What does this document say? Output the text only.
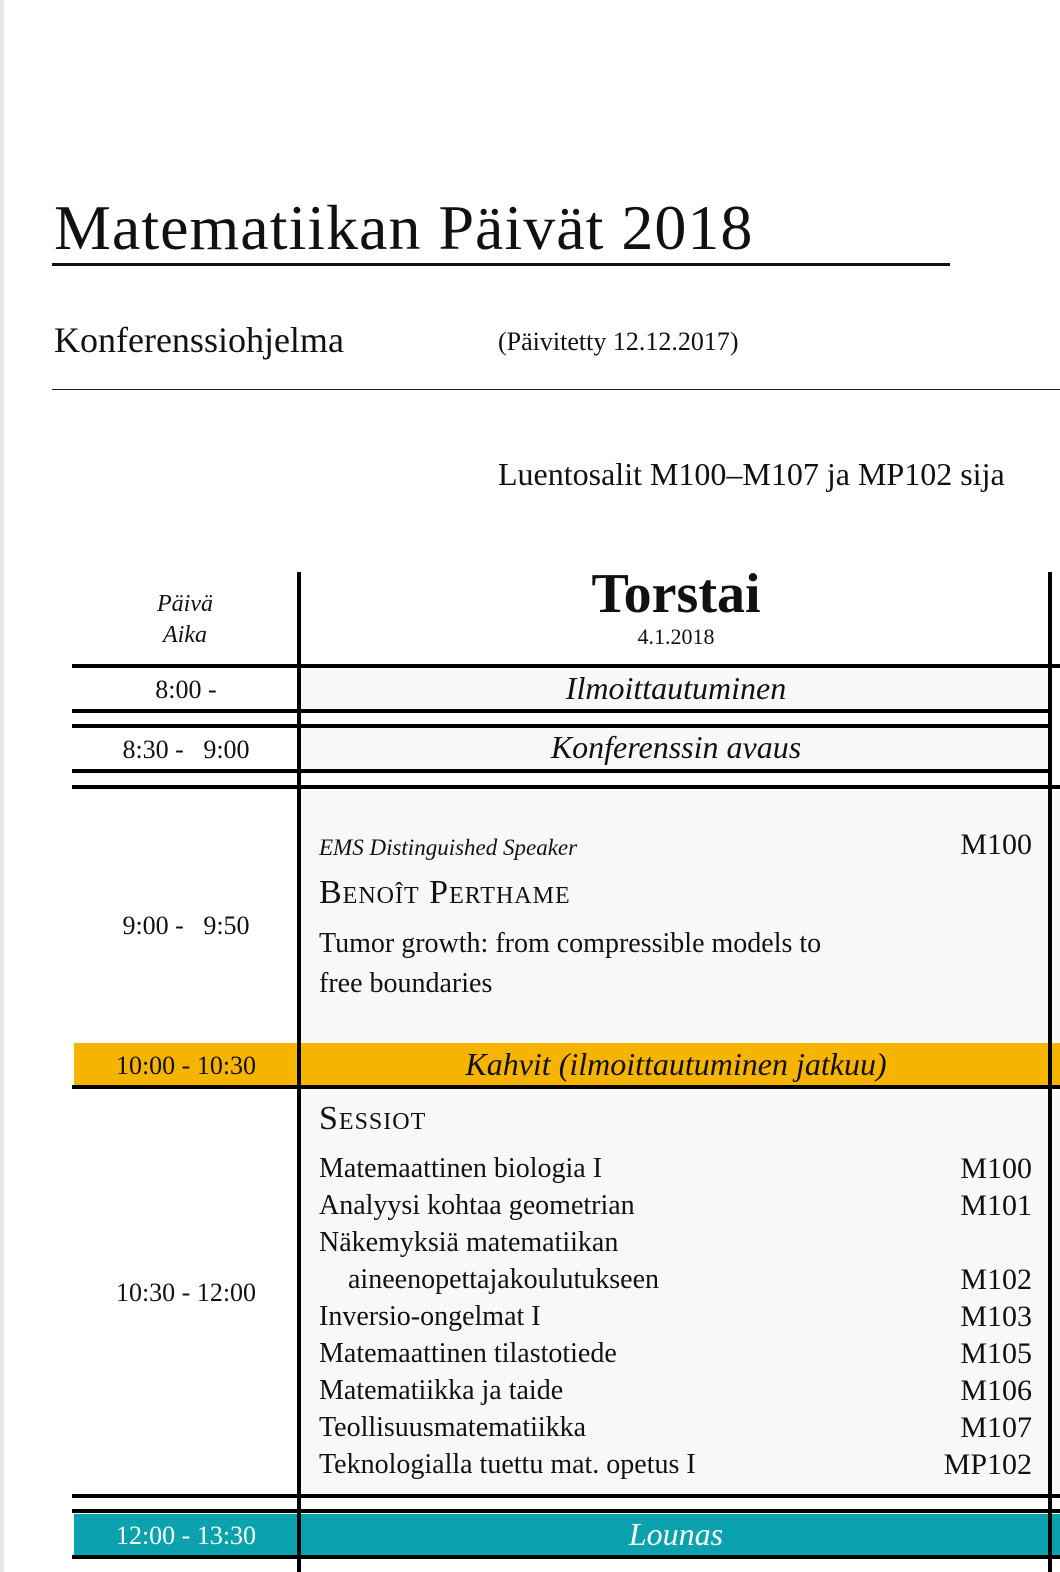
Matematiikan Päivät 2018
Konferenssiohjelma	(Päivitetty 12.12.2017)
Luentosalit M100–M107 ja MP102 sija
Päivä
Aika
Torstai
4.1.2018
8:00 -	Ilmoittautuminen
8:30 -   9:00	Konferenssin avaus
9:00 -   9:50
EMS Distinguished Speaker	M100
Benoît Perthame
Tumor growth: from compressible models to
free boundaries
10:00 - 10:30	Kahvit (ilmoittautuminen jatkuu)
10:30 - 12:00
Sessiot
Matemaattinen biologia I	M100
Analyysi kohtaa geometrian	M101
Näkemyksiä matematiikan
aineenopettajakoulutukseen	M102
Inversio-ongelmat I	M103
Matemaattinen tilastotiede	M105
Matematiikka ja taide	M106
Teollisuusmatematiikka	M107
Teknologialla tuettu mat. opetus I	MP102
12:00 - 13:30	Lounas
